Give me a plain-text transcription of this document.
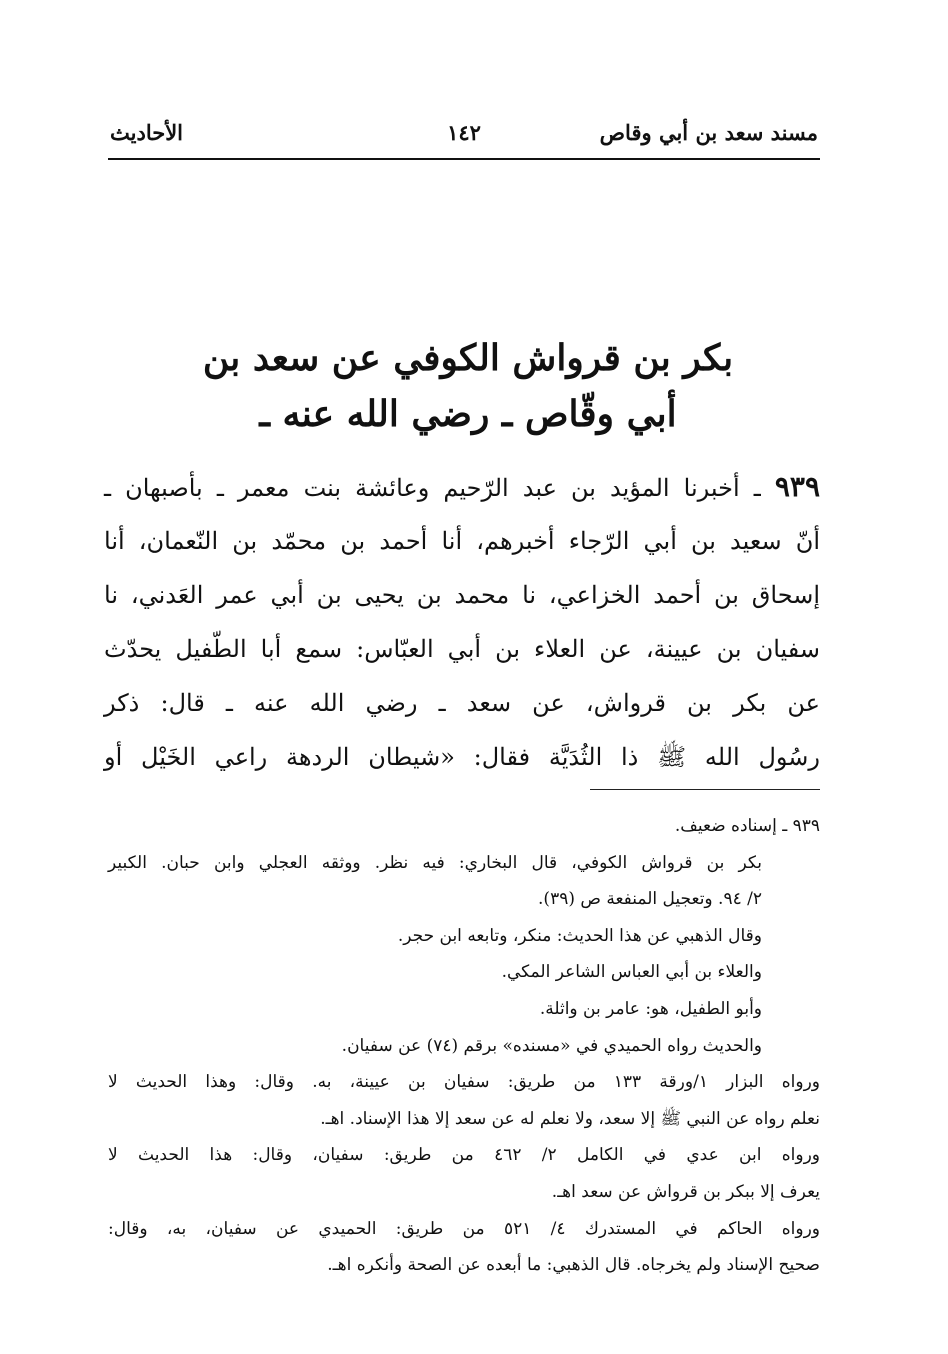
مسند سعد بن أبي وقاص
١٤٢
الأحاديث
بكر بن قرواش الكوفي عن سعد بن
أبي وقّاص ـ رضي الله عنه ـ
٩٣٩ ـ أخبرنا المؤيد بن عبد الرّحيم وعائشة بنت معمر ـ بأصبهان ـ
أنّ سعيد بن أبي الرّجاء أخبرهم، أنا أحمد بن محمّد بن النّعمان، أنا
إسحاق بن أحمد الخزاعي، نا محمد بن يحيى بن أبي عمر العَدني، نا
سفيان بن عيينة، عن العلاء بن أبي العبّاس: سمع أبا الطّفيل يحدّث
عن بكر بن قرواش، عن سعد ـ رضي الله عنه ـ قال: ذكر
رسُول الله ﷺ ذا الثُدَيَّة فقال: «شيطان الردهة راعي الخَيْل أو
٩٣٩ ـ إسناده ضعيف.
بكر بن قرواش الكوفي، قال البخاري: فيه نظر. ووثقه العجلي وابن حبان. الكبير
٢/ ٩٤. وتعجيل المنفعة ص (٣٩).
وقال الذهبي عن هذا الحديث: منكر، وتابعه ابن حجر.
والعلاء بن أبي العباس الشاعر المكي.
وأبو الطفيل، هو: عامر بن واثلة.
والحديث رواه الحميدي في «مسنده» برقم (٧٤) عن سفيان.
ورواه البزار ١/ورقة ١٣٣ من طريق: سفيان بن عيينة، به. وقال: وهذا الحديث لا
نعلم رواه عن النبي ﷺ إلا سعد، ولا نعلم له عن سعد إلا هذا الإسناد. اهـ.
ورواه ابن عدي في الكامل ٢/ ٤٦٢ من طريق: سفيان، وقال: هذا الحديث لا
يعرف إلا ببكر بن قرواش عن سعد اهـ.
ورواه الحاكم في المستدرك ٤/ ٥٢١ من طريق: الحميدي عن سفيان، به، وقال:
صحيح الإسناد ولم يخرجاه. قال الذهبي: ما أبعده عن الصحة وأنكره اهـ.
